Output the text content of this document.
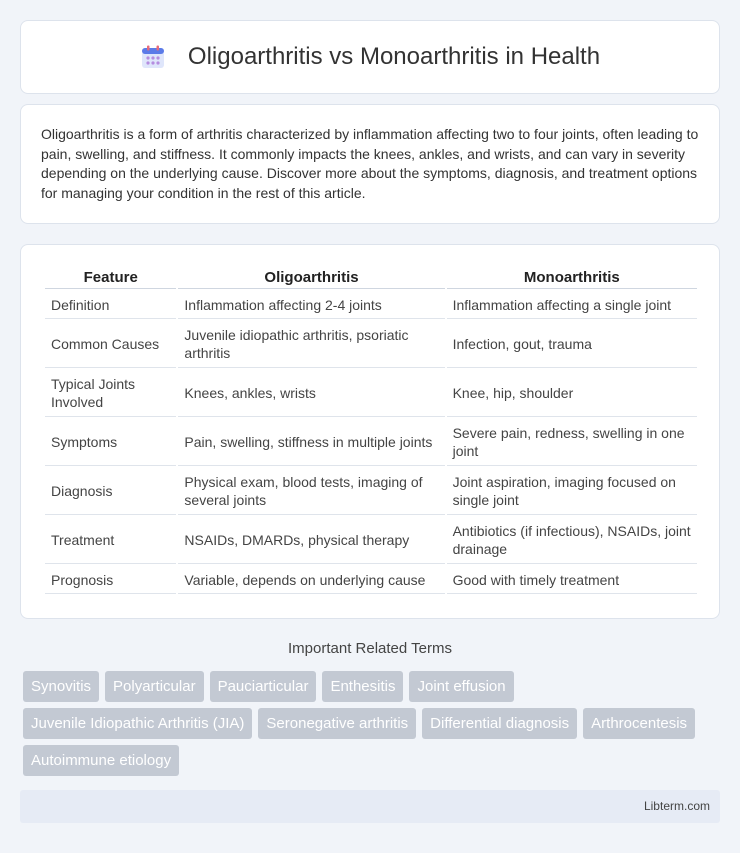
Oligoarthritis vs Monoarthritis in Health

Oligoarthritis is a form of arthritis characterized by inflammation affecting two to four joints, often leading to pain, swelling, and stiffness. It commonly impacts the knees, ankles, and wrists, and can vary in severity depending on the underlying cause. Discover more about the symptoms, diagnosis, and treatment options for managing your condition in the rest of this article.

Feature	Oligoarthritis	Monoarthritis
Definition	Inflammation affecting 2-4 joints	Inflammation affecting a single joint
Common Causes	Juvenile idiopathic arthritis, psoriatic arthritis	Infection, gout, trauma
Typical Joints Involved	Knees, ankles, wrists	Knee, hip, shoulder
Symptoms	Pain, swelling, stiffness in multiple joints	Severe pain, redness, swelling in one joint
Diagnosis	Physical exam, blood tests, imaging of several joints	Joint aspiration, imaging focused on single joint
Treatment	NSAIDs, DMARDs, physical therapy	Antibiotics (if infectious), NSAIDs, joint drainage
Prognosis	Variable, depends on underlying cause	Good with timely treatment
Important Related Terms
Synovitis	Polyarticular	Pauciarticular	Enthesitis	Joint effusion
Juvenile Idiopathic Arthritis (JIA)	Seronegative arthritis	Differential diagnosis	Arthrocentesis
Autoimmune etiology
Libterm.com
